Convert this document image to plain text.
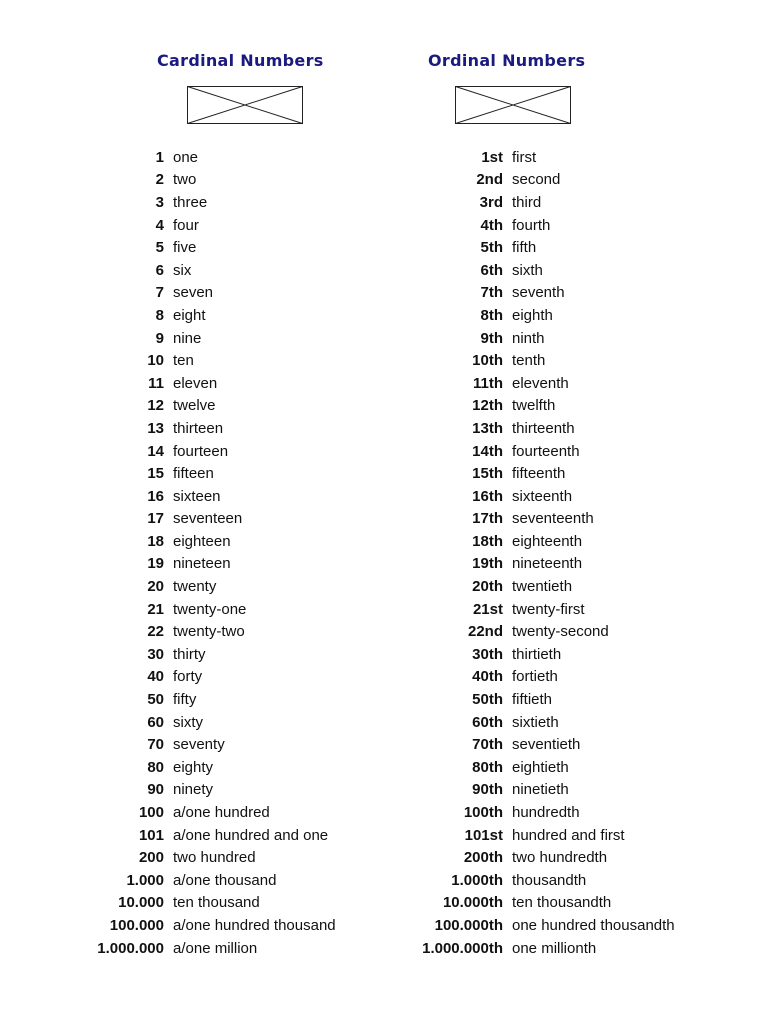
Cardinal Numbers	Ordinal Numbers
1 one
2 two
3 three
4 four
5 five
6 six
7 seven
8 eight
9 nine
10 ten
11 eleven
12 twelve
13 thirteen
14 fourteen
15 fifteen
16 sixteen
17 seventeen
18 eighteen
19 nineteen
20 twenty
21 twenty-one
22 twenty-two
30 thirty
40 forty
50 fifty
60 sixty
70 seventy
80 eighty
90 ninety
100 a/one hundred
101 a/one hundred and one
200 two hundred
1.000 a/one thousand
10.000 ten thousand
100.000 a/one hundred thousand
1.000.000 a/one million
1st first
2nd second
3rd third
4th fourth
5th fifth
6th sixth
7th seventh
8th eighth
9th ninth
10th tenth
11th eleventh
12th twelfth
13th thirteenth
14th fourteenth
15th fifteenth
16th sixteenth
17th seventeenth
18th eighteenth
19th nineteenth
20th twentieth
21st twenty-first
22nd twenty-second
30th thirtieth
40th fortieth
50th fiftieth
60th sixtieth
70th seventieth
80th eightieth
90th ninetieth
100th hundredth
101st hundred and first
200th two hundredth
1.000th thousandth
10.000th ten thousandth
100.000th one hundred thousandth
1.000.000th one millionth
